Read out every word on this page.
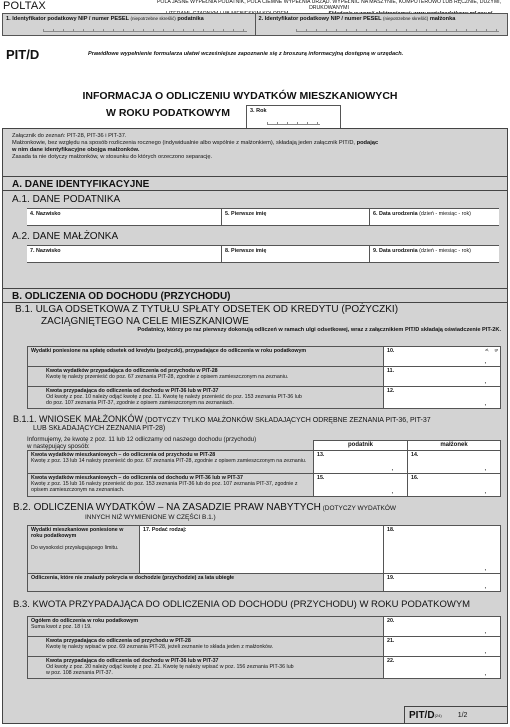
POLTAX	POLA JASNE WYPEŁNIA PODATNIK, POLA CIEMNE WYPEŁNIA URZĄD. WYPEŁNIĆ NA MASZYNIE, KOMPUTEROWO LUB RĘCZNIE, DUŻYMI, DRUKOWANYMI
1. Identyfikator podatkowy NIP / numer PESEL (niepotrzebne skreślić) podatnika	2. Identyfikator podatkowy NIP / numer PESEL (niepotrzebne skreślić) małżonka
PIT/D	Prawidłowe wypełnienie formularza ułatwi wcześniejsze zapoznanie się z broszurą informacyjną dostępną w urzędach.
INFORMACJA O ODLICZENIU WYDATKÓW MIESZKANIOWYCH
W ROKU PODATKOWYM	3. Rok
Załącznik do zeznań: PIT-28, PIT-36 i PIT-37.
Małżonkowie, bez względu na sposób rozliczenia rocznego (indywidualnie albo wspólnie z małżonkiem), składają jeden załącznik PIT/D, podając
w nim dane identyfikacyjne obojga małżonków.
Zasada ta nie dotyczy małżonków, w stosunku do których orzeczono separację.
A. DANE IDENTYFIKACYJNE
A.1. DANE PODATNIKA
4. Nazwisko	5. Pierwsze imię	6. Data urodzenia (dzień - miesiąc - rok)
A.2. DANE MAŁŻONKA
7. Nazwisko	8. Pierwsze imię	9. Data urodzenia (dzień - miesiąc - rok)
B. ODLICZENIA OD DOCHODU (PRZYCHODU)
B.1. ULGA ODSETKOWA Z TYTUŁU SPŁATY ODSETEK OD KREDYTU (POŻYCZKI)
ZACIĄGNIĘTEGO NA CELE MIESZKANIOWE
Podatnicy, którzy po raz pierwszy dokonują odliczeń w ramach ulgi odsetkowej, wraz z załącznikiem PIT/D składają oświadczenie PIT-2K.
Wydatki poniesione na spłatę odsetek od kredytu (pożyczki), przypadające do odliczenia w roku podatkowym	10. zł, gr
,

Kwota wydatków przypadająca do odliczenia od przychodu w PIT-28
Kwotę tę należy przenieść do poz. 67 zeznania PIT-28, zgodnie z opisem zamieszczonym na zeznaniu.	11.
,

Kwota przypadająca do odliczenia od dochodu w PIT-36 lub w PIT-37
Od kwoty z poz. 10 należy odjąć kwotę z poz. 11. Kwotę tę należy przenieść do poz. 153 zeznania PIT-36 lub
do poz. 107 zeznania PIT-37, zgodnie z opisem zamieszczonym na zeznaniach.	12.
,
B.1.1. WNIOSEK MAŁŻONKÓW (DOTYCZY TYLKO MAŁŻONKÓW SKŁADAJĄCYCH ODRĘBNE ZEZNANIA PIT-36, PIT-37
LUB SKŁADAJĄCYCH ZEZNANIA PIT-28)
Informujemy, że kwotę z poz. 11 lub 12 odliczamy od naszego dochodu (przychodu)
w następujący sposób:
		podatnik	małżonek
Kwota wydatków mieszkaniowych – do odliczenia od przychodu w PIT-28
Kwotę z poz. 13 lub 14 należy przenieść do poz. 67 zeznania PIT-28, zgodnie z opisem zamieszczonym na zeznaniu.	13.
,	14.
,

Kwota wydatków mieszkaniowych – do odliczenia od dochodu w PIT-36 lub w PIT-37
Kwotę z poz. 15 lub 16 należy przenieść do poz. 153 zeznania PIT-36 lub do poz. 107 zeznania PIT-37, zgodnie z opisem zamieszczonym na zeznaniach.	15.
,	16.
,
B.2. ODLICZENIA WYDATKÓW – NA ZASADZIE PRAW NABYTYCH (DOTYCZY WYDATKÓW
INNYCH NIŻ WYMIENIONE W CZĘŚCI B.1.)
Wydatki mieszkaniowe poniesione w roku podatkowym

Do wysokości przysługującego limitu.	17. Podać rodzaj:	18.
,

Odliczenia, które nie znalazły pokrycia w dochodzie (przychodzie) za lata ubiegłe		19.
,
B.3. KWOTA PRZYPADAJĄCA DO ODLICZENIA OD DOCHODU (PRZYCHODU) W ROKU PODATKOWYM
Ogółem do odliczenia w roku podatkowym
Suma kwot z poz. 18 i 19.	20.
,

Kwota przypadająca do odliczenia od przychodu w PIT-28
Kwotę tę należy wpisać w poz. 69 zeznania PIT-28, jeżeli zeznanie to składa jeden z małżonków.	21.
,

Kwota przypadająca do odliczenia od dochodu w PIT-36 lub w PIT-37
Od kwoty z poz. 20 należy odjąć kwotę z poz. 21. Kwotę tę należy wpisać w poz. 156 zeznania PIT-36 lub
w poz. 108 zeznania PIT-37.	22.
,
PIT/D (24) 1/2
